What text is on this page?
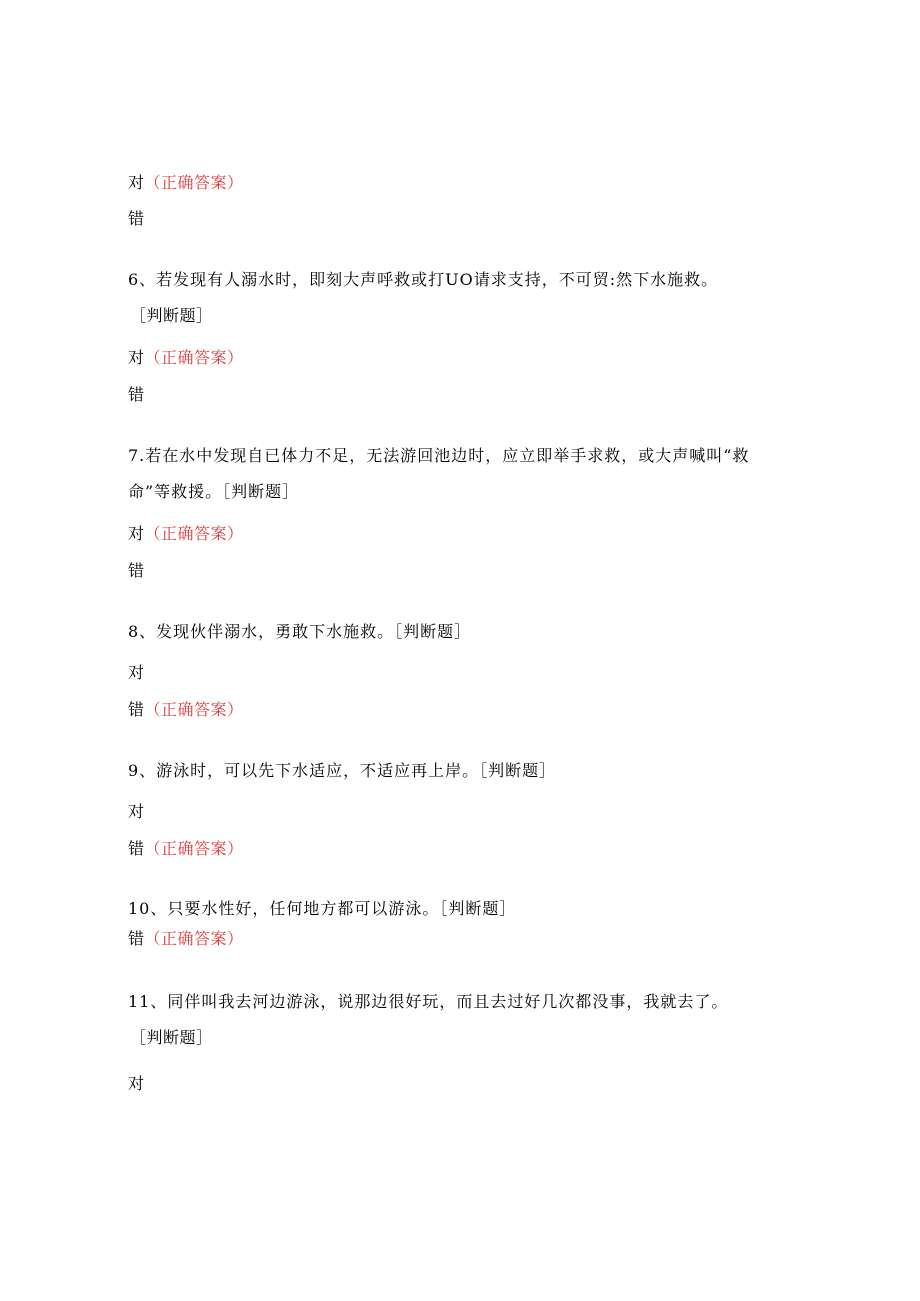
对（正确答案）
错
6、若发现有人溺水时，即刻大声呼救或打UO请求支持，不可贸:然下水施救。
［判断题］
对（正确答案）
错
7.若在水中发现自已体力不足，无法游回池边时，应立即举手求救，或大声喊叫“救
命”等救援。［判断题］
对（正确答案）
错
8、发现伙伴溺水，勇敢下水施救。［判断题］
对
错（正确答案）
9、游泳时，可以先下水适应，不适应再上岸。［判断题］
对
错（正确答案）
10、只要水性好，任何地方都可以游泳。［判断题］
错（正确答案）
11、同伴叫我去河边游泳，说那边很好玩，而且去过好几次都没事，我就去了。
［判断题］
对
